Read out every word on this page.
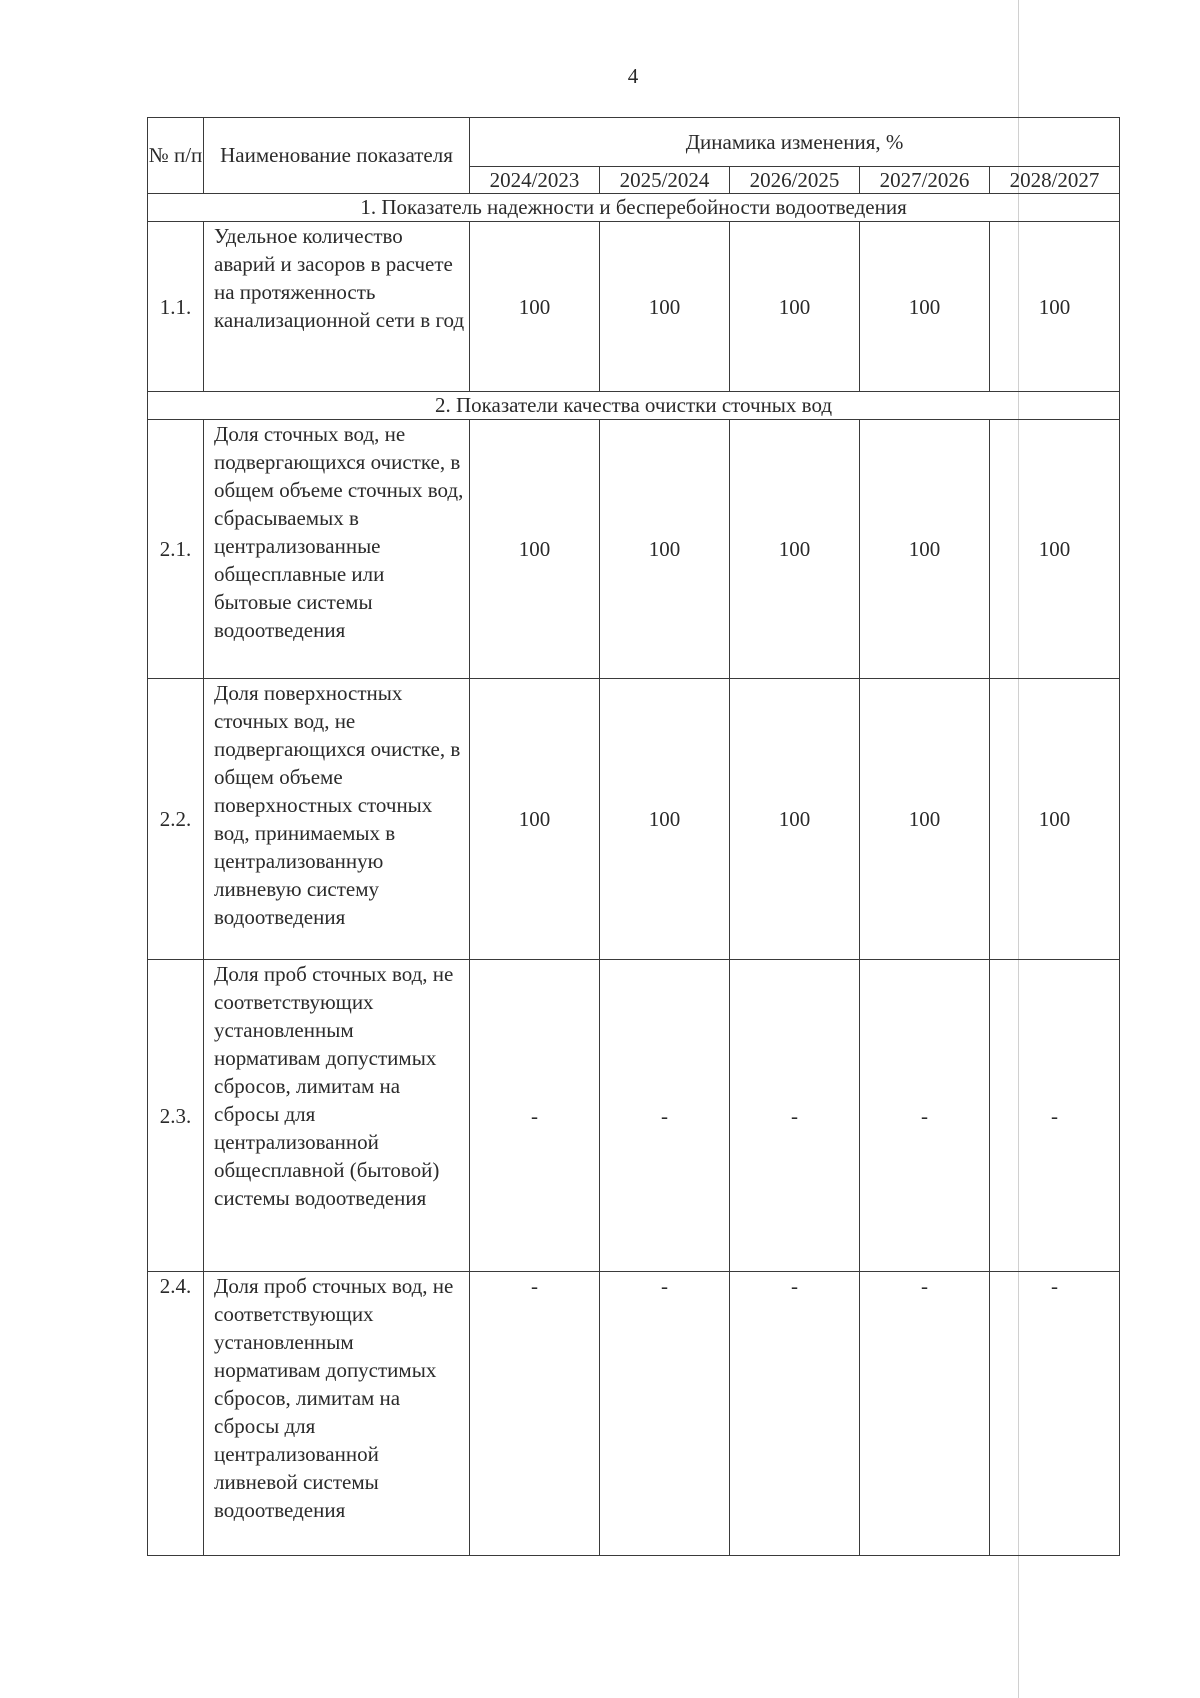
4
№ п/п	Наименование показателя	Динамика изменения, %				
		2024/2023	2025/2024	2026/2025	2027/2026	2028/2027
1. Показатель надежности и бесперебойности водоотведения						
1.1.	Удельное количество аварий и засоров в расчете на протяженность канализационной сети в год	100	100	100	100	100
2. Показатели качества очистки сточных вод						
2.1.	Доля сточных вод, не подвергающихся очистке, в общем объеме сточных вод, сбрасываемых в централизованные общесплавные или бытовые системы водоотведения	100	100	100	100	100
2.2.	Доля поверхностных сточных вод, не подвергающихся очистке, в общем объеме поверхностных сточных вод, принимаемых в централизованную ливневую систему водоотведения	100	100	100	100	100
2.3.	Доля проб сточных вод, не соответствующих установленным нормативам допустимых сбросов, лимитам на сбросы для централизованной общесплавной (бытовой) системы водоотведения	-	-	-	-	-
2.4.	Доля проб сточных вод, не соответствующих установленным нормативам допустимых сбросов, лимитам на сбросы для централизованной ливневой системы водоотведения	-	-	-	-	-
